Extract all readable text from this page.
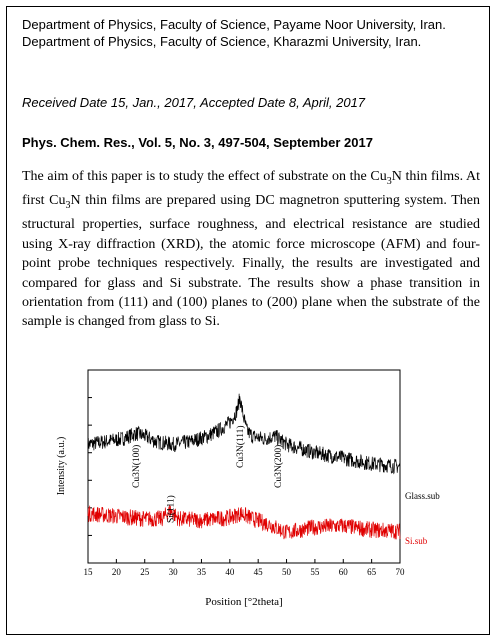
Department of Physics, Faculty of Science, Payame Noor University, Iran. Department of Physics, Faculty of Science, Kharazmi University, Iran.
Received Date 15, Jan., 2017, Accepted Date 8, April, 2017
Phys. Chem. Res., Vol. 5, No. 3, 497-504, September 2017
The aim of this paper is to study the effect of substrate on the $Cu_3N$ thin films. At first $Cu_3N$ thin films are prepared using DC magnetron sputtering system. Then structural properties, surface roughness, and electrical resistance are studied using X-ray diffraction (XRD), the atomic force microscope (AFM) and four-point probe techniques respectively. Finally, the results are investigated and compared for glass and Si substrate. The results show a phase transition in orientation from (111) and (100) planes to (200) plane when the substrate of the sample is changed from glass to Si.
15 20 25 30 35 40 45 50 55 60 65 70
Intensity (a.u.)
Position [°2theta]
Cu3N(100)	Cu3N(111)	Cu3N(200)
Si(111)	Glass.sub
Si.sub
